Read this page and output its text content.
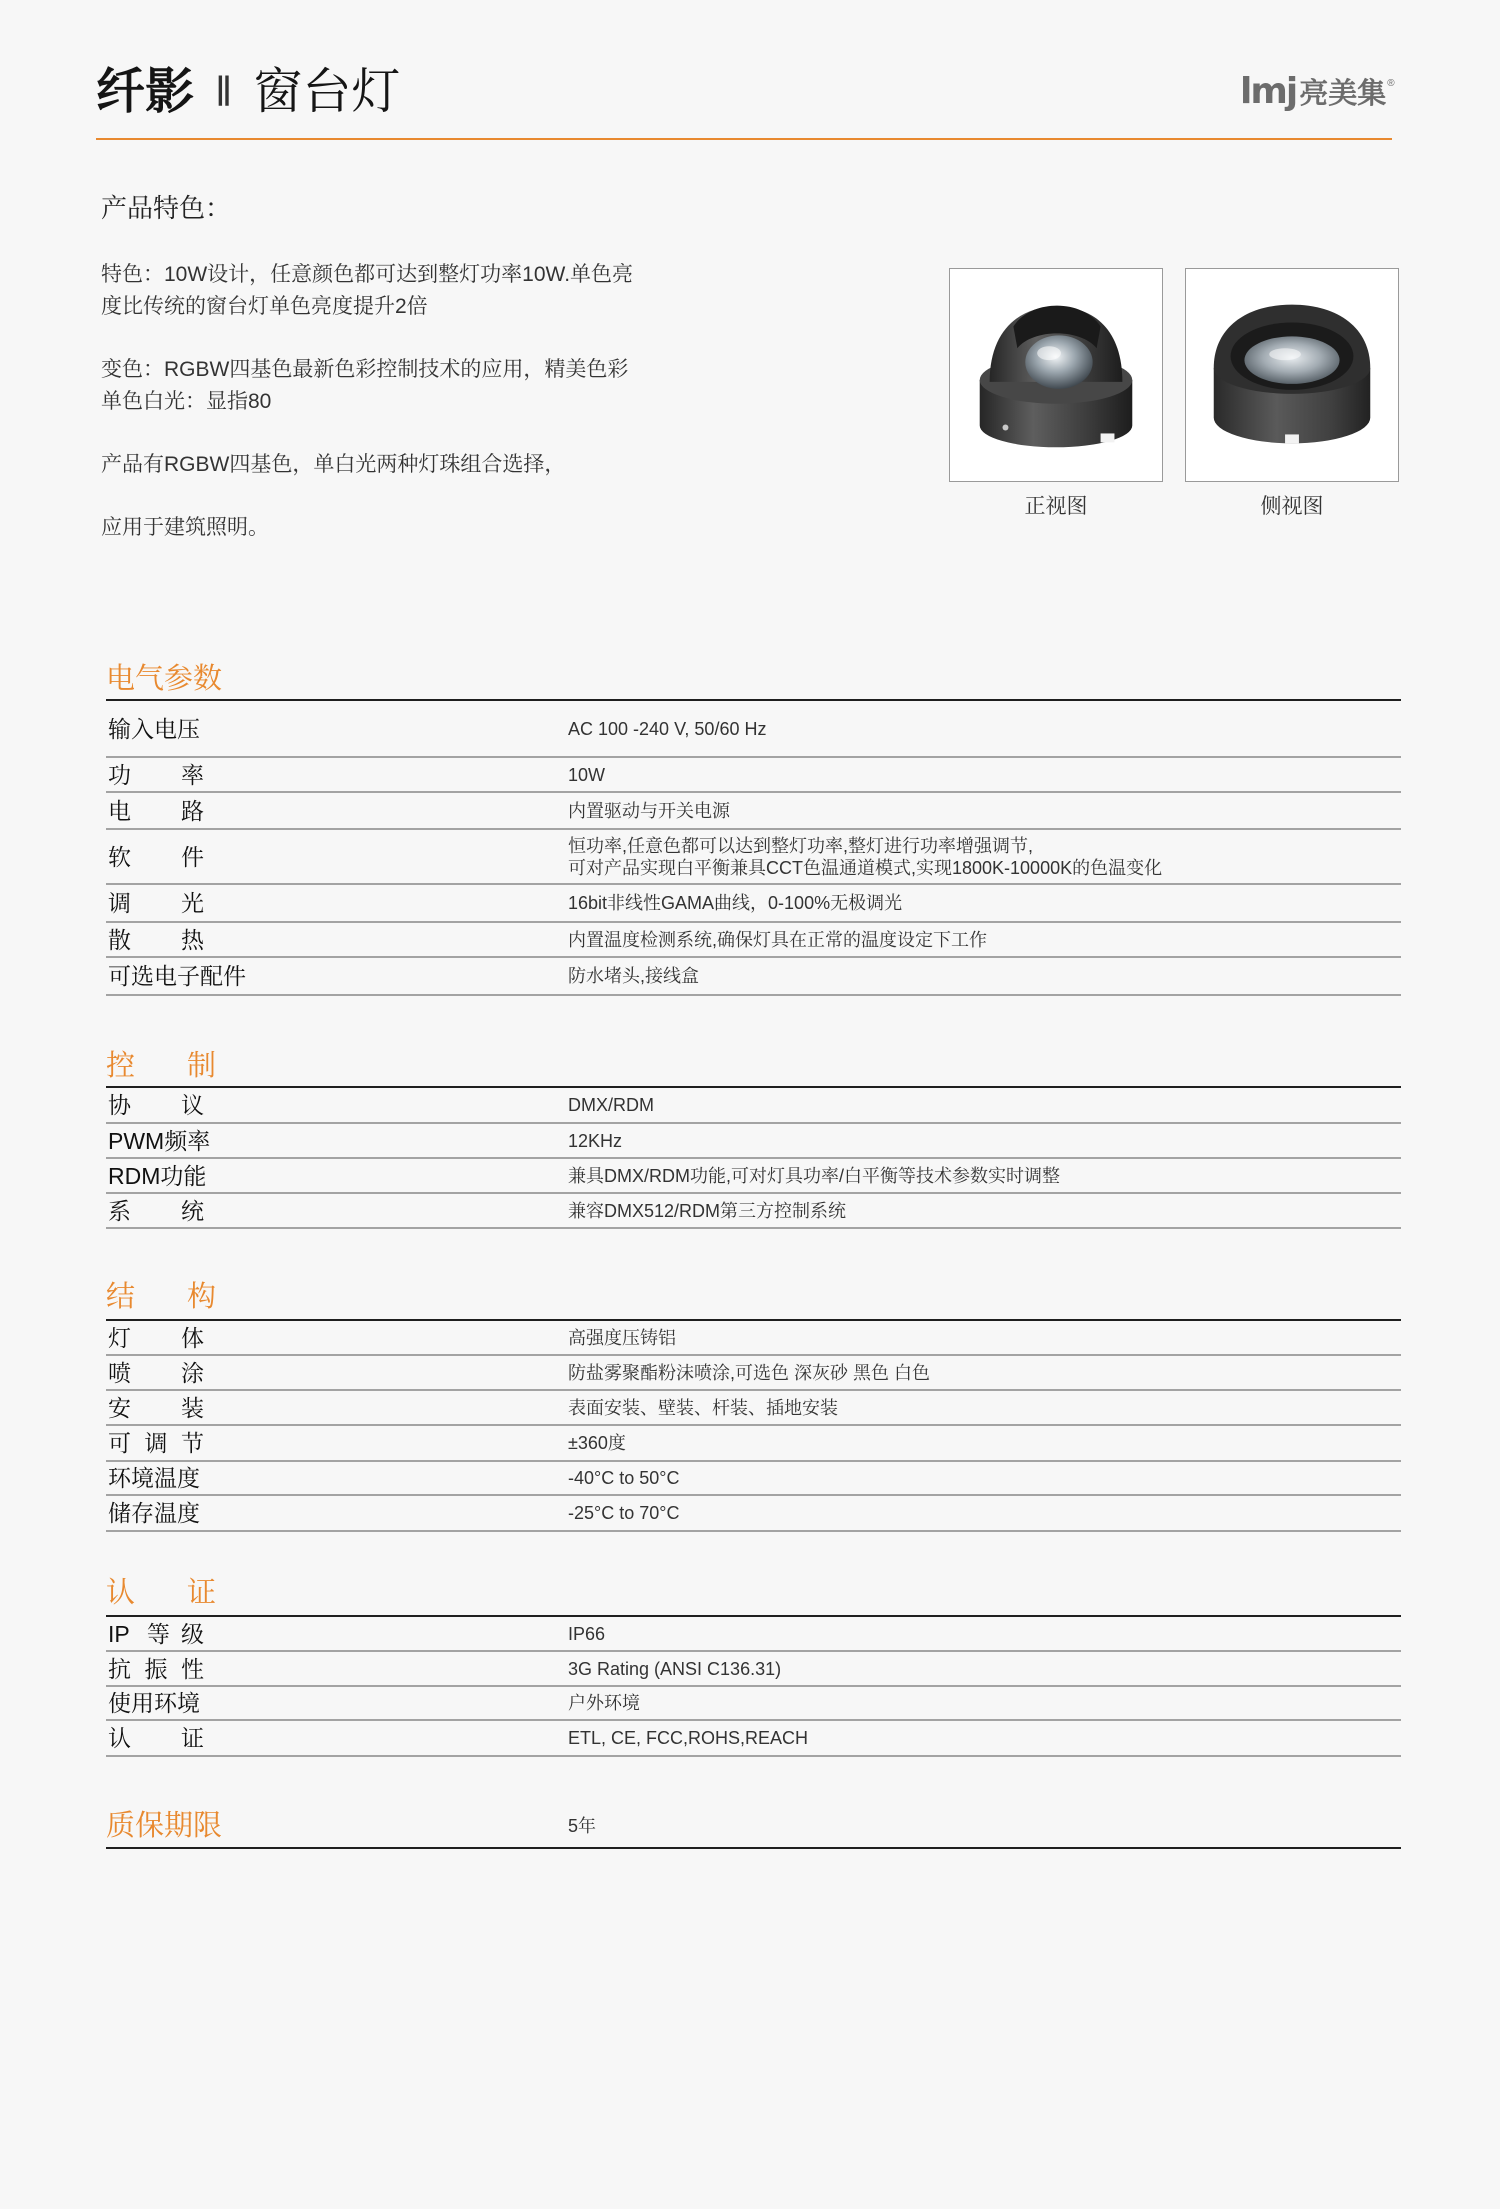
纤影 ‖ 窗台灯	lmj 亮美集 ®
产品特色：
特色：10W设计，任意颜色都可达到整灯功率10W.单色亮
度比传统的窗台灯单色亮度提升2倍
变色：RGBW四基色最新色彩控制技术的应用，精美色彩
单色白光：显指80
产品有RGBW四基色，单白光两种灯珠组合选择，
应用于建筑照明。
正视图	侧视图
电气参数
输入电压	AC 100 -240 V, 50/60 Hz
功 率	10W
电 路	内置驱动与开关电源
软 件	恒功率,任意色都可以达到整灯功率,整灯进行功率增强调节,
可对产品实现白平衡兼具CCT色温通道模式,实现1800K-10000K的色温变化
调 光	16bit非线性GAMA曲线，0-100%无极调光
散 热	内置温度检测系统,确保灯具在正常的温度设定下工作
可选电子配件	防水堵头,接线盒
控 制
协 议	DMX/RDM
PWM频率	12KHz
RDM功能	兼具DMX/RDM功能,可对灯具功率/白平衡等技术参数实时调整
系 统	兼容DMX512/RDM第三方控制系统
结 构
灯 体	高强度压铸铝
喷 涂	防盐雾聚酯粉沫喷涂,可选色 深灰砂 黑色 白色
安 装	表面安装、壁装、杆装、插地安装
可 调 节	±360度
环境温度	-40°C to 50°C
储存温度	-25°C to 70°C
认 证
IP 等级	IP66
抗 振 性	3G Rating (ANSI C136.31)
使用环境	户外环境
认 证	ETL, CE, FCC,ROHS,REACH
质保期限	5年
